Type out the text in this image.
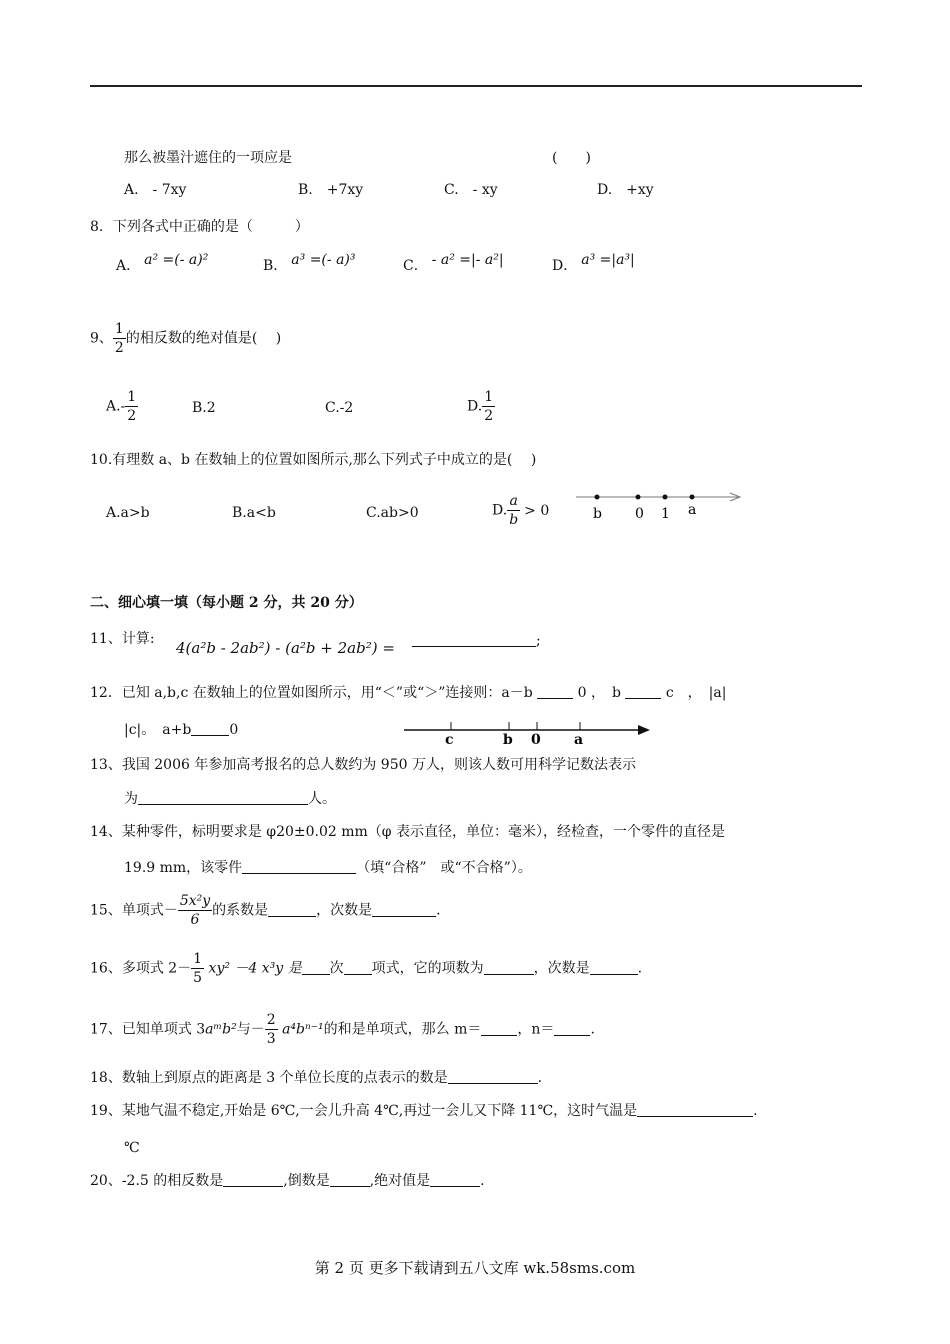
那么被墨汁遮住的一项应是	(　　)
A.　- 7xy	B.　+7xy	C.　- xy	D.　+xy
8．下列各式中正确的是（　　　）
A． a² =(- a)²	B． a³ =(- a)³	C． - a² =|- a²|	D． a³ =|a³|
9、 $\frac{1}{2}$ 的相反数的绝对值是(　 )
$A.- \frac{1}{2}$	B.2	C.-2	D. $\frac{1}{2}$
10.有理数 a、b 在数轴上的位置如图所示,那么下列式子中成立的是(　 )
A.a>b	B.a<b	C.ab>0	D. $\frac{a}{b} > 0$	b 0 1 a
二、细心填一填（每小题 2 分，共 20 分）
11、计算: 4(a²b - 2ab²) - (a²b + 2ab²) =	;
12．已知 a,b,c 在数轴上的位置如图所示，用“＜”或“＞”连接则：a－b	0 ，　b	c　，　|a|
|c|。　a+b	0
c	b 0 a
13、我国 2006 年参加高考报名的总人数约为 950 万人，则该人数可用科学记数法表示
为	人。
14、某种零件，标明要求是 φ20±0.02 mm（φ 表示直径，单位：毫米），经检查，一个零件的直径是
19.9 mm，该零件	（填“合格”　或“不合格”）。
15、单项式－ $\frac{\text{5x²y}}{6}$ 的系数是	，次数是	.
16、多项式 $2- \frac{1}{5} xy^2 -4$ x³y 是 次 项式，它的项数为	，次数是	.
17、已知单项式 3aᵐb²与－ $\frac{2}{3} a^4b^{n-1}$的和是单项式，那么 m＝	，n＝	.
18、数轴上到原点的距离是 3 个单位长度的点表示的数是	.
19、某地气温不稳定,开始是 6℃,一会儿升高 4℃,再过一会儿又下降 11℃，这时气温是	.
℃
20、-2.5 的相反数是	,倒数是	,绝对值是	.
第 2 页 更多下载请到五八文库 wk.58sms.com
